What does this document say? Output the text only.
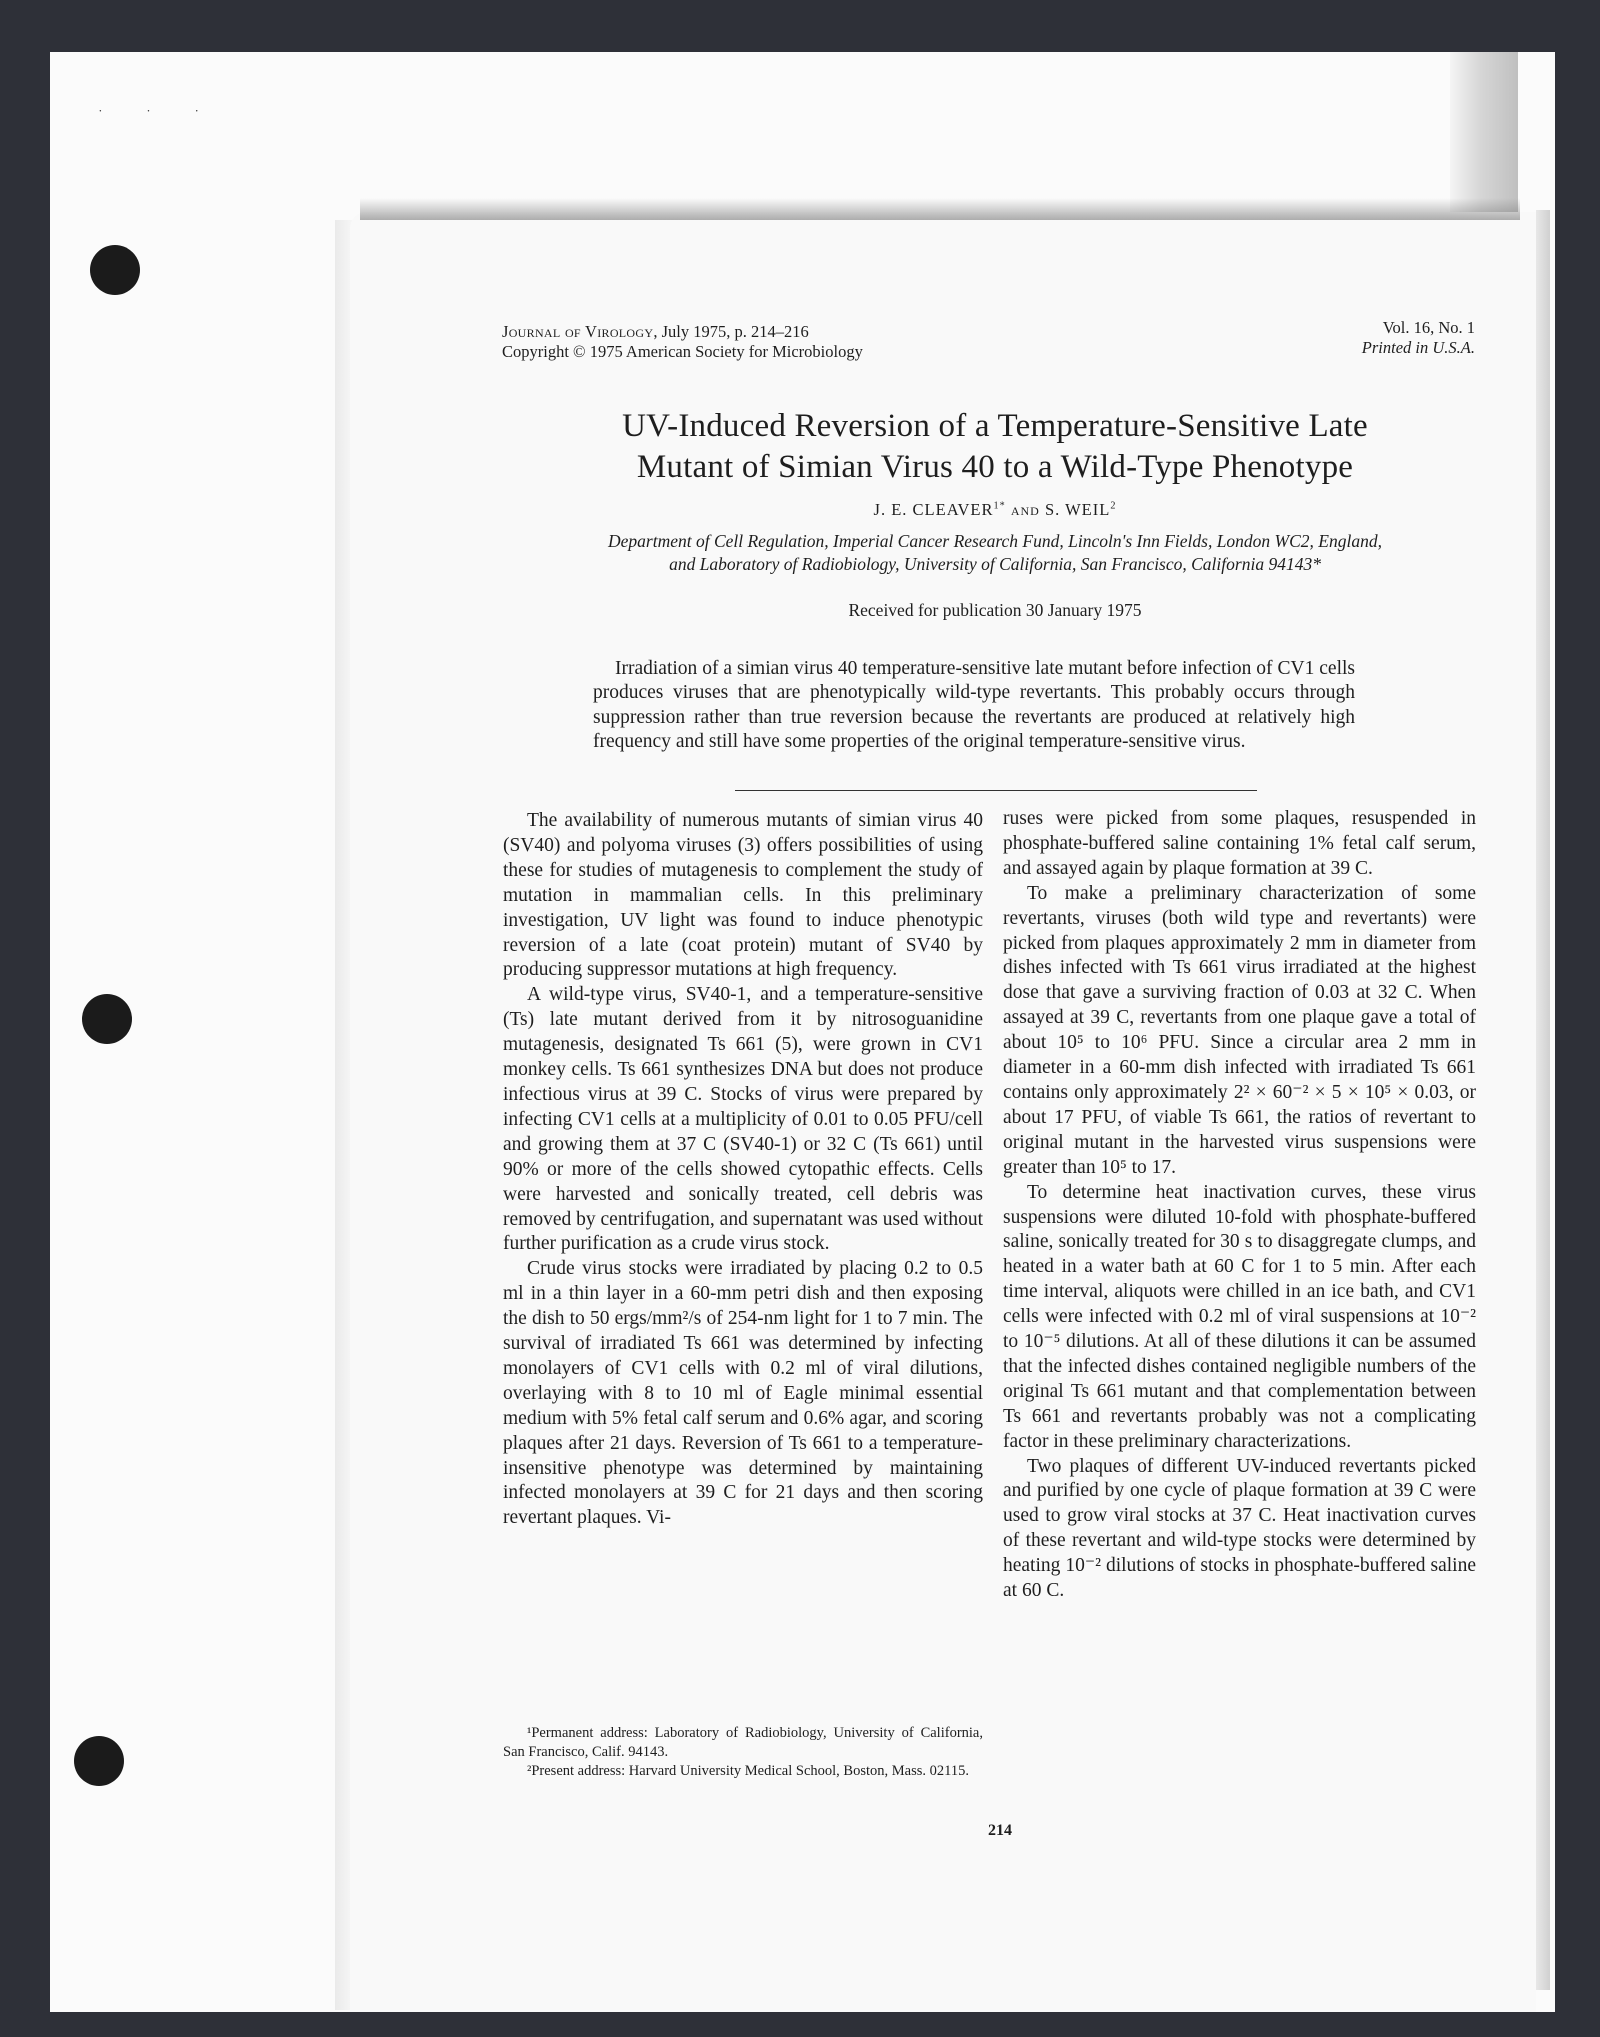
˙ ˙ ˙
Journal of Virology, July 1975, p. 214–216
Copyright © 1975 American Society for Microbiology
Vol. 16, No. 1
Printed in U.S.A.
UV-Induced Reversion of a Temperature-Sensitive Late
Mutant of Simian Virus 40 to a Wild-Type Phenotype
J. E. $CLEAVER^{1*}$ and S. WEIL$^2$
Department of Cell Regulation, Imperial Cancer Research Fund, Lincoln's Inn Fields, London WC2, England,
and Laboratory of Radiobiology, University of California, San Francisco, California 94143*
Received for publication 30 January 1975

Irradiation of a simian virus 40 temperature-sensitive late mutant before infection of CV1 cells produces viruses that are phenotypically wild-type revertants. This probably occurs through suppression rather than true reversion because the revertants are produced at relatively high frequency and still have some properties of the original temperature-sensitive virus.

The availability of numerous mutants of simian virus 40 (SV40) and polyoma viruses (3) offers possibilities of using these for studies of mutagenesis to complement the study of mutation in mammalian cells. In this preliminary investigation, UV light was found to induce phenotypic reversion of a late (coat protein) mutant of SV40 by producing suppressor mutations at high frequency.

A wild-type virus, SV40-1, and a temperature-sensitive (Ts) late mutant derived from it by nitrosoguanidine mutagenesis, designated Ts 661 (5), were grown in CV1 monkey cells. Ts 661 synthesizes DNA but does not produce infectious virus at 39 C. Stocks of virus were prepared by infecting CV1 cells at a multiplicity of 0.01 to 0.05 PFU/cell and growing them at 37 C (SV40-1) or 32 C (Ts 661) until 90% or more of the cells showed cytopathic effects. Cells were harvested and sonically treated, cell debris was removed by centrifugation, and supernatant was used without further purification as a crude virus stock.

Crude virus stocks were irradiated by placing 0.2 to 0.5 ml in a thin layer in a 60-mm petri dish and then exposing the dish to 50 ergs/mm²/s of 254-nm light for 1 to 7 min. The survival of irradiated Ts 661 was determined by infecting monolayers of CV1 cells with 0.2 ml of viral dilutions, overlaying with 8 to 10 ml of Eagle minimal essential medium with 5% fetal calf serum and 0.6% agar, and scoring plaques after 21 days. Reversion of Ts 661 to a temperature-insensitive phenotype was determined by maintaining infected monolayers at 39 C for 21 days and then scoring revertant plaques. Vi-

ruses were picked from some plaques, resuspended in phosphate-buffered saline containing 1% fetal calf serum, and assayed again by plaque formation at 39 C.

To make a preliminary characterization of some revertants, viruses (both wild type and revertants) were picked from plaques approximately 2 mm in diameter from dishes infected with Ts 661 virus irradiated at the highest dose that gave a surviving fraction of 0.03 at 32 C. When assayed at 39 C, revertants from one plaque gave a total of about 10⁵ to 10⁶ PFU. Since a circular area 2 mm in diameter in a 60-mm dish infected with irradiated Ts 661 contains only approximately 2² × 60⁻² × 5 × 10⁵ × 0.03, or about 17 PFU, of viable Ts 661, the ratios of revertant to original mutant in the harvested virus suspensions were greater than 10⁵ to 17.

To determine heat inactivation curves, these virus suspensions were diluted 10-fold with phosphate-buffered saline, sonically treated for 30 s to disaggregate clumps, and heated in a water bath at 60 C for 1 to 5 min. After each time interval, aliquots were chilled in an ice bath, and CV1 cells were infected with 0.2 ml of viral suspensions at 10⁻² to 10⁻⁵ dilutions. At all of these dilutions it can be assumed that the infected dishes contained negligible numbers of the original Ts 661 mutant and that complementation between Ts 661 and revertants probably was not a complicating factor in these preliminary characterizations.

Two plaques of different UV-induced revertants picked and purified by one cycle of plaque formation at 39 C were used to grow viral stocks at 37 C. Heat inactivation curves of these revertant and wild-type stocks were determined by heating 10⁻² dilutions of stocks in phosphate-buffered saline at 60 C.

¹Permanent address: Laboratory of Radiobiology, University of California, San Francisco, Calif. 94143.

²Present address: Harvard University Medical School, Boston, Mass. 02115.

214
